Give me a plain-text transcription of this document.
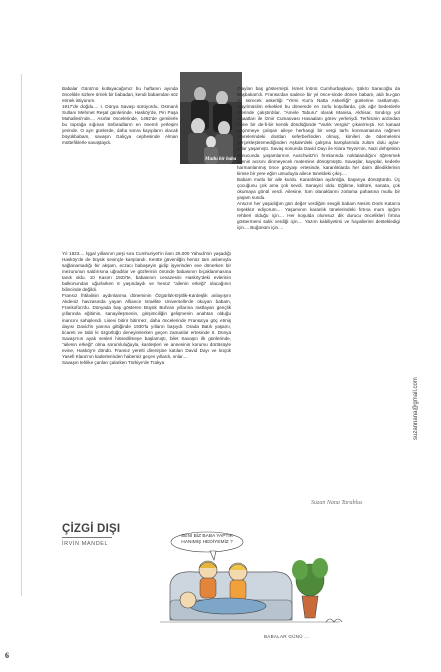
Babalar Günü'nü kutlayacağımız bu haftanın ayında öncelikle sizlere örnek bir babadan, kendi babamdan söz etmek istiyorum.

1917'de doğdu.... I. Dünya Savaşı sürüyordu. Osmanlı Sultanı Mehmet Reşat günlerinde. Hasköy'de, Piri Paşa Mahallesi'nde.... Asırlar öncelerinde, 1492'de gemilerle bu toprağa sığınan Sefaradların en önemli yerleşim yerinde. O ayrı günlerde, daha sonra kayıpların olacak büyükbabam, savaşın Galiçya cephesinde Alman müttefiklerle savaştaydı.

Mutlu bir baba

Yıl 1923.... İşgal yıllarının peşi sıra Cumhuriyet'in ilanı 25.000 Yahudi'nin yaşadığı Hasköy'de de büyük sevinçle karşılandı. Kentte güvenliğin henüz tam anlamıyla sağlanamadığı bir akşam, eczacı babaşeyin gidip işyerinden eve dönerken bir mezurunun saldırısına uğradılar ve gözlerinin önünde babasının bıçaklanmasına tanık oldu. 10 Kasım 1923'te, babasının cenazesini Hasköy'deki evlerinin balkonundan uğurlarken 6 yaşındaydı ve henüz "ailenin erkeği" olacağının bilincinde değildi.

Fransız İhtilalinin aydınlanma döneminin Özgürlük-Eşitlik-Kardeşlik anlayışını Akdeniz havzasında yayan Alliance Israélite Universelle'de okuyan babam, Frankofon'du. Dünyada baş gösteren Büyük Buhran yıllarına rastlayan gençlik yıllarında eğitimin, sanayileşmenin, girişimciliğin gelişmenin anahtarı olduğu inancını sahiplendi. Lisevi bitirir bitirmez, daha öncelerinde Fransa'ya göç etmiş dayısı David'in yanına gittiğinde 1930'lu yılların başıydı. Orada Batılı yaşamı, ticareti ve tabii ki özgürlüğü deneyimlerken geçen zamanlar ertesinde II. Dünya Savaşı'nın ayak sesleri hissedilmeye başlamıştı, bilet Savaşın ilk günlerinde, "ailenin erkeği" olma sorumluluğuyla, kardeşleri ve annesinin korumu dürtüsüyle evine, Hasköy'e döndü. Fransız yerelti direnişine katılan David Dayı ve küçük Yasefi Klara'nın kaderlerinden habersiz geçen yıllardı, onlar....

Savaşın tehlike çanları çalarken Türkiye'de Trakya

Olayları baş göstermişti. İsmet İnönü Cumhurbaşkanı, Şükrü Saracoğlu da Başbakan'dı. Fransa'dan sadece bir yıl önce-sinde dönen babam, aldı bu-gün yıl sürecek askerliği "Yirmi Kur'a Natta Askerliği" günlerine rastlamıştı. Gayrimüslim erkekleri bu dönemde en zorlu koşullarda, çok ağır bedenlerle işlerinde çalıştırdılar. "Amele Taburu" olarak Manisa, Akhisar, Sındırgı yol inşaatları ile İzmir Cumaovası Havaalanı görev yerleriydi. Terhisinin ardından evine bir de-fi-bir kentik döndüğünde "Varlık Vergisi" çıkarılmıştı. Kıt kanaat geçinmeye çalışan aileye herhangi bir vergi tarhı konmamasına rağmen çevrelerindeki dostları seferberlinden olmuş, kimileri de ödemelerini gerçekleştiremediğinden Aşkale'deki çalışma kamplarında zulüm dolu aylar-yıllar yaşamıştı. Savaş sonunda David Dayı ile Klara Teyze'nin, Nazi dehşetinin sonucunda yaşamlarının Auschwitz'in fırınlarında noktalandığını öğrenmek ailenin acısını dinmeyecek matemine dönüşmüştü. Savaşlar, kayıplar, kederle harmanlanmış önce gözyaşı ertesinde, karanlıklarda her daim dilediklerinin kimse bir yere eğim umuduyla ailece tüneldeki çıkış....

Babam mutlu bir aile kurdu. Karanlıktan aydınlığa, başarıya dönüştürdü. Üç çocuğunu çok ama çok sevdi. Sanayici oldu. Eğitime, kültüre, sanata, çok okumaya gönül verdi. Ailesine, tüm olanaklarını zorlama pahasına mutlu bir yaşam sundu.

Ansızın her yaşadığım gün değer verdiğim sevgili babam Nesim Doris Katan'a teşekkür ediyorum.... Yaşamının karanlık tünelerindeki fırtına mum ışığım rehberi olduğu için.... Her koşulda olumsuz dik durucu öncelikleri fırtına göstermemi salık verdiği için.... Yazım kabiliyetimi ve hayallerimi destekledigi için.... Buğünüm için....

Suzan Nana Tarablus
suzannana@gmail.com
ÇİZGİ DIŞI
İRVİN MANDEL
SENİ BİZ BABA YAPTIK
HANIMIŞ HEDİYEMİZ ?
BABALAR GÜNÜ ...
6
